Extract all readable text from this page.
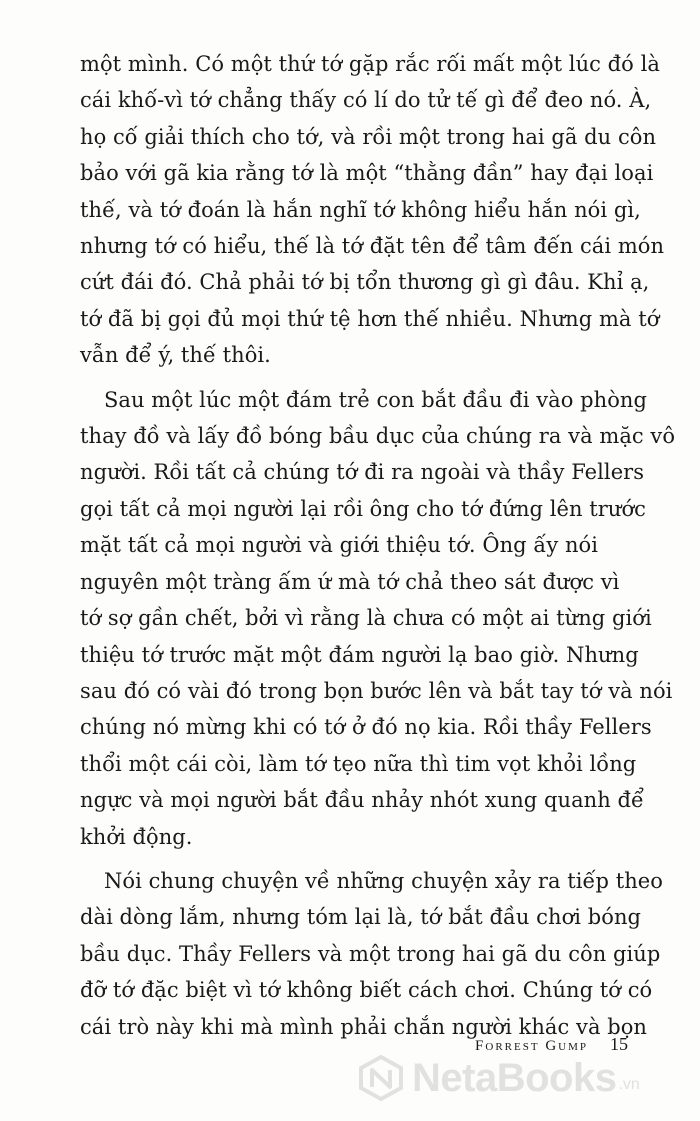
một mình. Có một thứ tớ gặp rắc rối mất một lúc đó là
cái khố-vì tớ chẳng thấy có lí do tử tế gì để đeo nó. À,
họ cố giải thích cho tớ, và rồi một trong hai gã du côn
bảo với gã kia rằng tớ là một “thằng đần” hay đại loại
thế, và tớ đoán là hắn nghĩ tớ không hiểu hắn nói gì,
nhưng tớ có hiểu, thế là tớ đặt tên để tâm đến cái món
cứt đái đó. Chả phải tớ bị tổn thương gì gì đâu. Khỉ ạ,
tớ đã bị gọi đủ mọi thứ tệ hơn thế nhiều. Nhưng mà tớ
vẫn để ý, thế thôi.
Sau một lúc một đám trẻ con bắt đầu đi vào phòng
thay đồ và lấy đồ bóng bầu dục của chúng ra và mặc vô
người. Rồi tất cả chúng tớ đi ra ngoài và thầy Fellers
gọi tất cả mọi người lại rồi ông cho tớ đứng lên trước
mặt tất cả mọi người và giới thiệu tớ. Ông ấy nói
nguyên một tràng ấm ứ mà tớ chả theo sát được vì
tớ sợ gần chết, bởi vì rằng là chưa có một ai từng giới
thiệu tớ trước mặt một đám người lạ bao giờ. Nhưng
sau đó có vài đó trong bọn bước lên và bắt tay tớ và nói
chúng nó mừng khi có tớ ở đó nọ kia. Rồi thầy Fellers
thổi một cái còi, làm tớ tẹo nữa thì tim vọt khỏi lồng
ngực và mọi người bắt đầu nhảy nhót xung quanh để
khởi động.
Nói chung chuyện về những chuyện xảy ra tiếp theo
dài dòng lắm, nhưng tóm lại là, tớ bắt đầu chơi bóng
bầu dục. Thầy Fellers và một trong hai gã du côn giúp
đỡ tớ đặc biệt vì tớ không biết cách chơi. Chúng tớ có
cái trò này khi mà mình phải chắn người khác và bọn
Forrest Gump 15
NetaBooks .vn
